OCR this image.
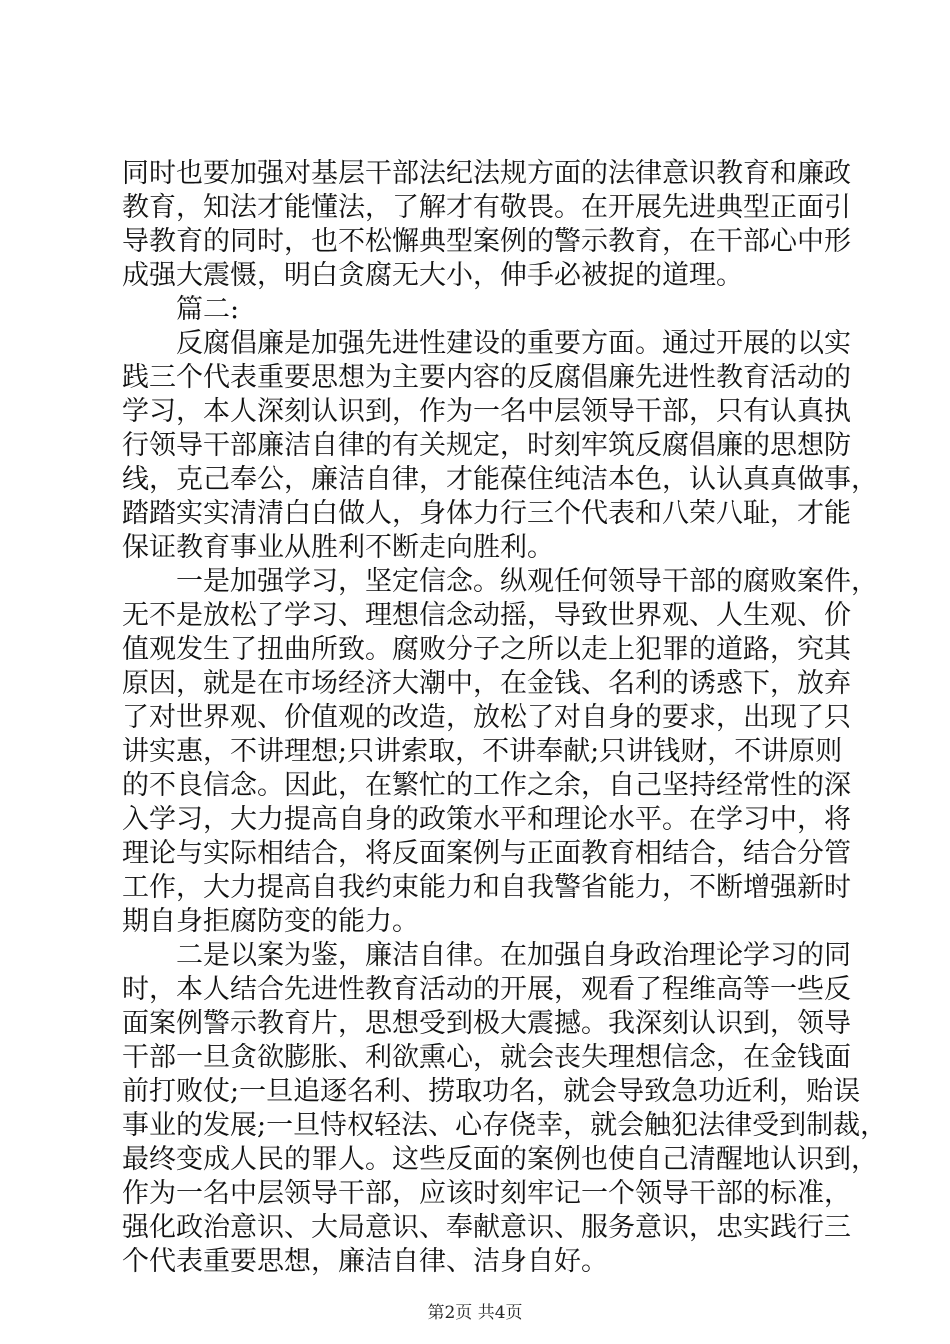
同时也要加强对基层干部法纪法规方面的法律意识教育和廉政
教育，知法才能懂法，了解才有敬畏。在开展先进典型正面引
导教育的同时，也不松懈典型案例的警示教育，在干部心中形
成强大震慑，明白贪腐无大小，伸手必被捉的道理。
　　篇二:
　　反腐倡廉是加强先进性建设的重要方面。通过开展的以实
践三个代表重要思想为主要内容的反腐倡廉先进性教育活动的
学习，本人深刻认识到，作为一名中层领导干部，只有认真执
行领导干部廉洁自律的有关规定，时刻牢筑反腐倡廉的思想防
线，克己奉公，廉洁自律，才能葆住纯洁本色，认认真真做事，
踏踏实实清清白白做人，身体力行三个代表和八荣八耻，才能
保证教育事业从胜利不断走向胜利。
　　一是加强学习，坚定信念。纵观任何领导干部的腐败案件，
无不是放松了学习、理想信念动摇，导致世界观、人生观、价
值观发生了扭曲所致。腐败分子之所以走上犯罪的道路，究其
原因，就是在市场经济大潮中，在金钱、名利的诱惑下，放弃
了对世界观、价值观的改造，放松了对自身的要求，出现了只
讲实惠，不讲理想;只讲索取，不讲奉献;只讲钱财，不讲原则
的不良信念。因此，在繁忙的工作之余，自己坚持经常性的深
入学习，大力提高自身的政策水平和理论水平。在学习中，将
理论与实际相结合，将反面案例与正面教育相结合，结合分管
工作，大力提高自我约束能力和自我警省能力，不断增强新时
期自身拒腐防变的能力。
　　二是以案为鉴，廉洁自律。在加强自身政治理论学习的同
时，本人结合先进性教育活动的开展，观看了程维高等一些反
面案例警示教育片，思想受到极大震撼。我深刻认识到，领导
干部一旦贪欲膨胀、利欲熏心，就会丧失理想信念，在金钱面
前打败仗;一旦追逐名利、捞取功名，就会导致急功近利，贻误
事业的发展;一旦恃权轻法、心存侥幸，就会触犯法律受到制裁，
最终变成人民的罪人。这些反面的案例也使自己清醒地认识到，
作为一名中层领导干部，应该时刻牢记一个领导干部的标准，
强化政治意识、大局意识、奉献意识、服务意识，忠实践行三
个代表重要思想，廉洁自律、洁身自好。
第2页 共4页
